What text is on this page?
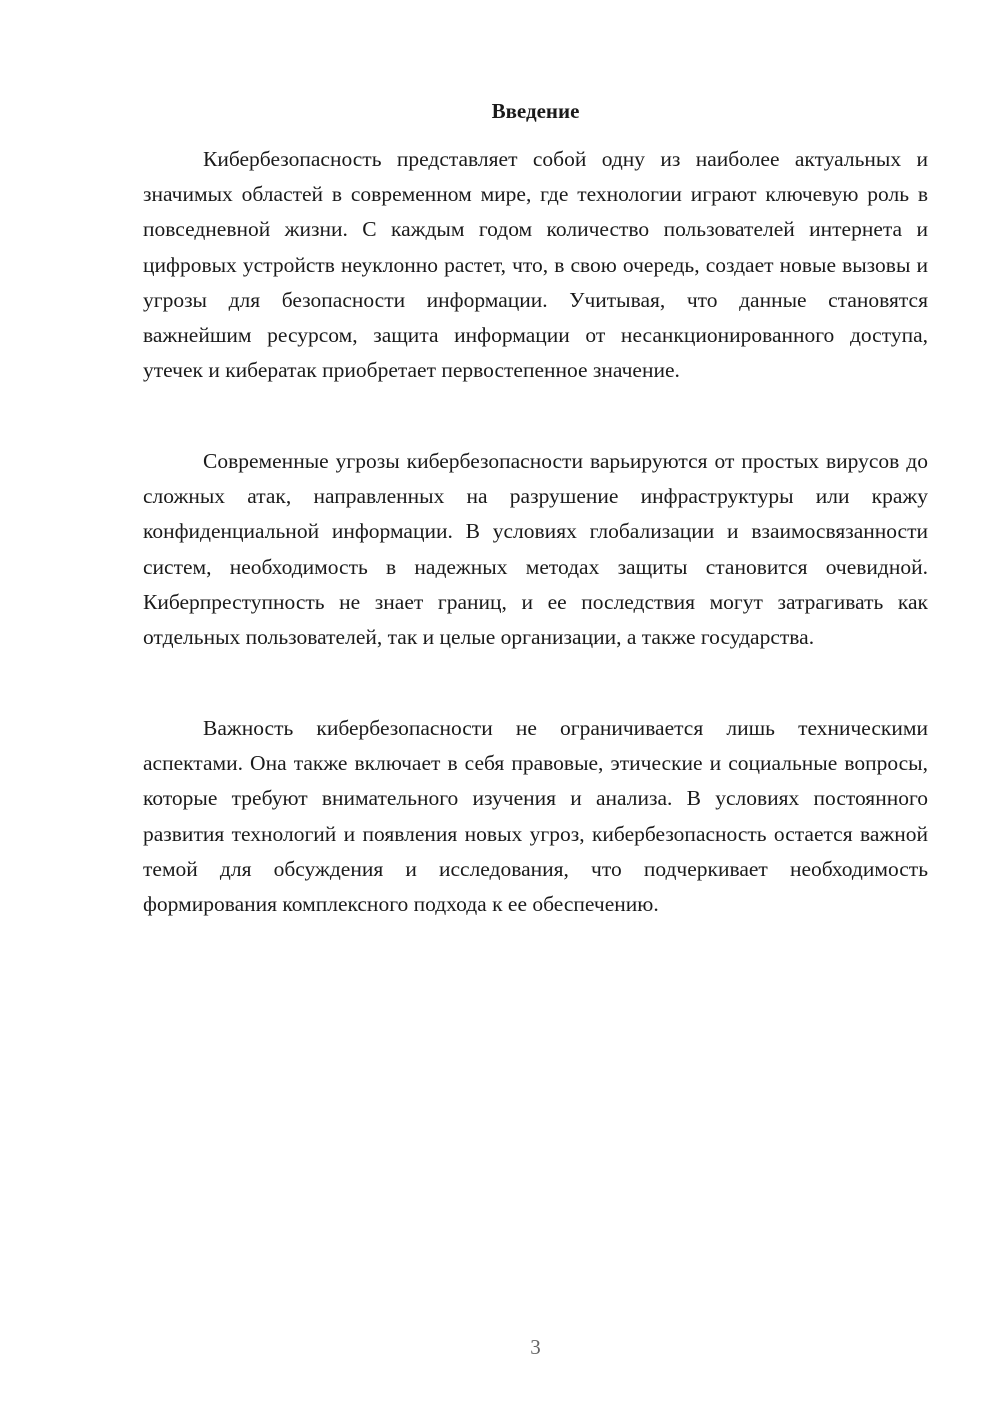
Введение

Кибербезопасность представляет собой одну из наиболее актуальных и значимых областей в современном мире, где технологии играют ключевую роль в повседневной жизни. С каждым годом количество пользователей интернета и цифровых устройств неуклонно растет, что, в свою очередь, создает новые вызовы и угрозы для безопасности информации. Учитывая, что данные становятся важнейшим ресурсом, защита информации от несанкционированного доступа, утечек и кибератак приобретает первостепенное значение.

Современные угрозы кибербезопасности варьируются от простых вирусов до сложных атак, направленных на разрушение инфраструктуры или кражу конфиденциальной информации. В условиях глобализации и взаимосвязанности систем, необходимость в надежных методах защиты становится очевидной. Киберпреступность не знает границ, и ее последствия могут затрагивать как отдельных пользователей, так и целые организации, а также государства.

Важность кибербезопасности не ограничивается лишь техническими аспектами. Она также включает в себя правовые, этические и социальные вопросы, которые требуют внимательного изучения и анализа. В условиях постоянного развития технологий и появления новых угроз, кибербезопасность остается важной темой для обсуждения и исследования, что подчеркивает необходимость формирования комплексного подхода к ее обеспечению.

3
